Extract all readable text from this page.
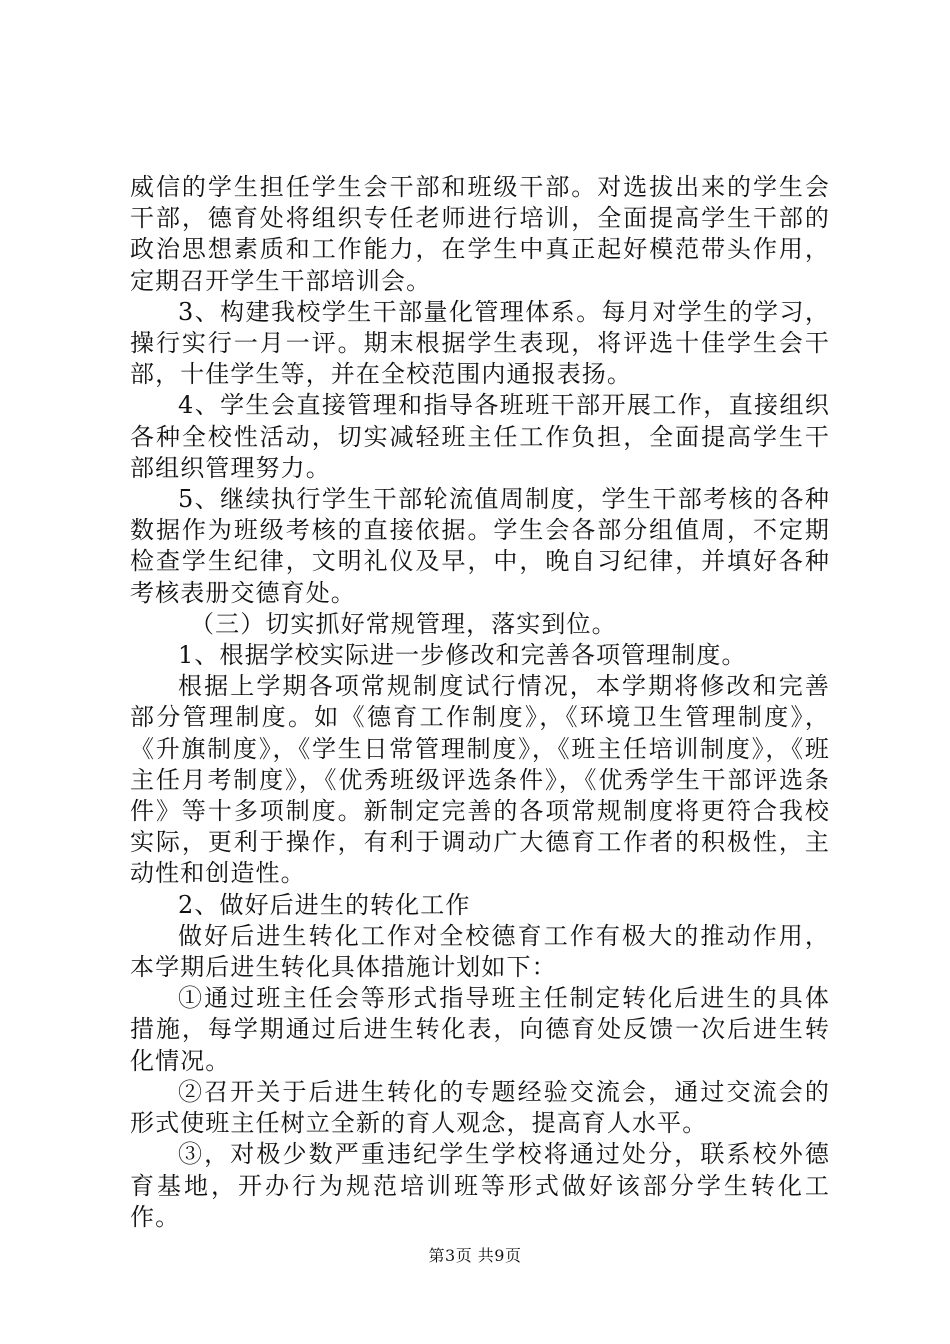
威信的学生担任学生会干部和班级干部。对选拔出来的学生会干部，德育处将组织专任老师进行培训，全面提高学生干部的政治思想素质和工作能力，在学生中真正起好模范带头作用，定期召开学生干部培训会。

3、构建我校学生干部量化管理体系。每月对学生的学习，操行实行一月一评。期末根据学生表现，将评选十佳学生会干部，十佳学生等，并在全校范围内通报表扬。

4、学生会直接管理和指导各班班干部开展工作，直接组织各种全校性活动，切实减轻班主任工作负担，全面提高学生干部组织管理努力。

5、继续执行学生干部轮流值周制度，学生干部考核的各种数据作为班级考核的直接依据。学生会各部分组值周，不定期检查学生纪律，文明礼仪及早，中，晚自习纪律，并填好各种考核表册交德育处。

（三）切实抓好常规管理，落实到位。

1、根据学校实际进一步修改和完善各项管理制度。

根据上学期各项常规制度试行情况，本学期将修改和完善部分管理制度。如《德育工作制度》，《环境卫生管理制度》，《升旗制度》，《学生日常管理制度》，《班主任培训制度》，《班主任月考制度》，《优秀班级评选条件》，《优秀学生干部评选条件》等十多项制度。新制定完善的各项常规制度将更符合我校实际，更利于操作，有利于调动广大德育工作者的积极性，主动性和创造性。

2、做好后进生的转化工作

做好后进生转化工作对全校德育工作有极大的推动作用，本学期后进生转化具体措施计划如下：

①通过班主任会等形式指导班主任制定转化后进生的具体措施，每学期通过后进生转化表，向德育处反馈一次后进生转化情况。

②召开关于后进生转化的专题经验交流会，通过交流会的形式使班主任树立全新的育人观念，提高育人水平。

③，对极少数严重违纪学生学校将通过处分，联系校外德育基地，开办行为规范培训班等形式做好该部分学生转化工作。

第3页 共9页
